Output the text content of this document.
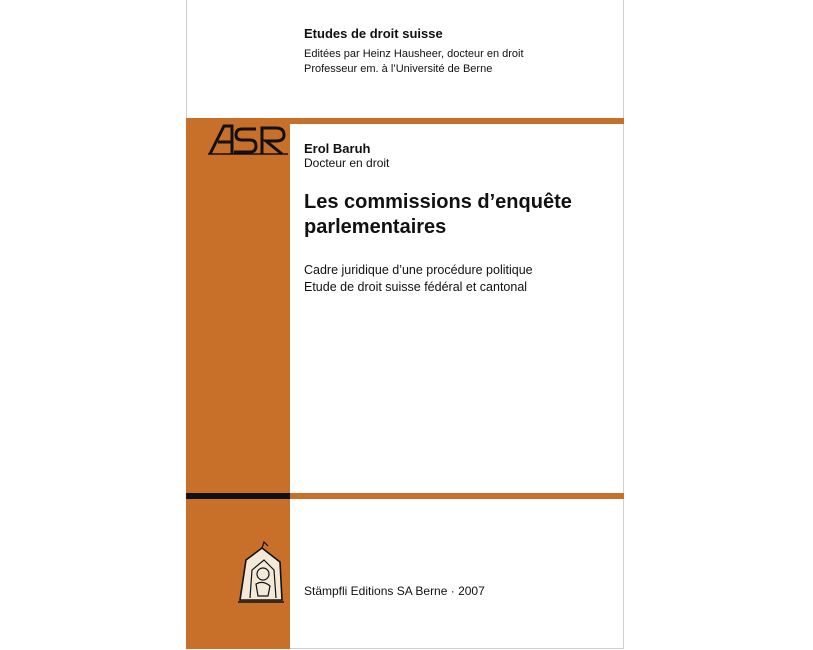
Etudes de droit suisse
Editées par Heinz Hausheer, docteur en droit
Professeur em. à l’Université de Berne
Erol Baruh
Docteur en droit
Les commissions d’enquête
parlementaires
Cadre juridique d’une procédure politique
Etude de droit suisse fédéral et cantonal
Stämpfli Editions SA Berne · 2007
